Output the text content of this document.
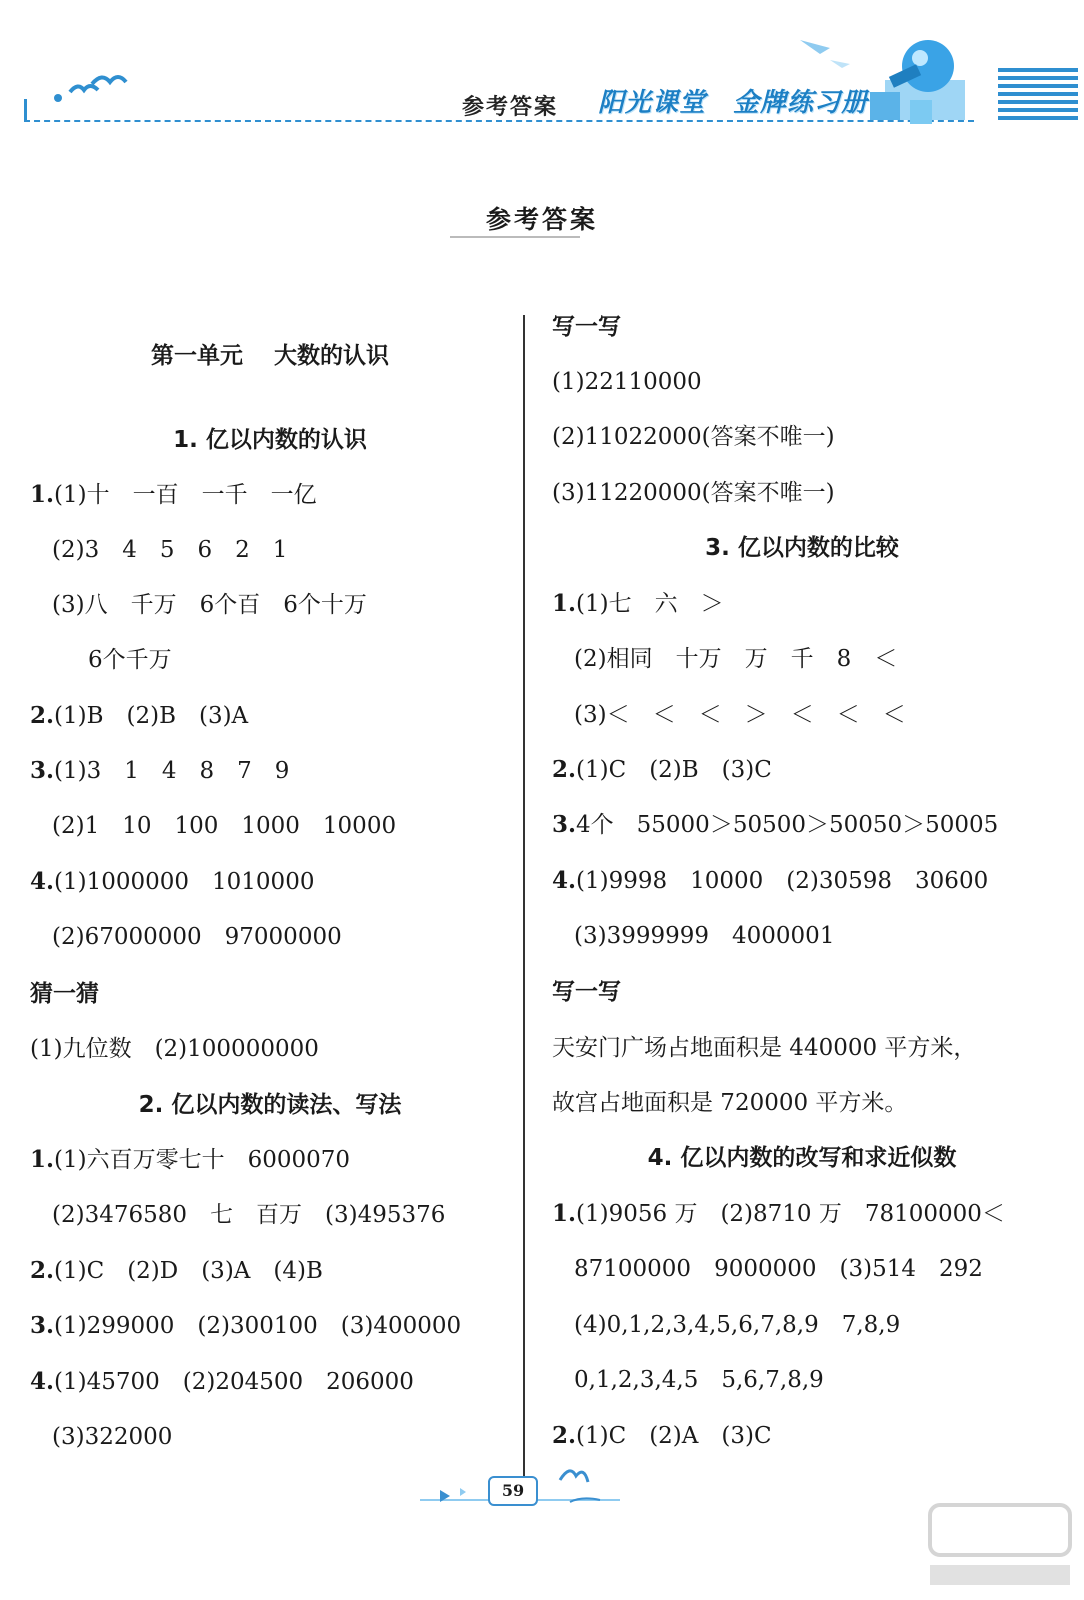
参考答案 阳光课堂　金牌练习册
参考答案
第一单元　 大数的认识
1. 亿以内数的认识
1.(1)十　一百　一千　一亿
(2)3　4　5　6　2　1
(3)八　千万　6个百　6个十万
6个千万
2.(1)B　(2)B　(3)A
3.(1)3　1　4　8　7　9
(2)1　10　100　1000　10000
4.(1)1000000　1010000
(2)67000000　97000000
猜一猜
(1)九位数　(2)100000000
2. 亿以内数的读法、写法
1.(1)六百万零七十　6000070
(2)3476580　七　百万　(3)495376
2.(1)C　(2)D　(3)A　(4)B
3.(1)299000　(2)300100　(3)400000
4.(1)45700　(2)204500　206000
(3)322000
写一写
(1)22110000
(2)11022000(答案不唯一)
(3)11220000(答案不唯一)
3. 亿以内数的比较
1.(1)七　六　＞
(2)相同　十万　万　千　8　＜
(3)＜　＜　＜　＞　＜　＜　＜
2.(1)C　(2)B　(3)C
3.4个　55000＞50500＞50050＞50005
4.(1)9998　10000　(2)30598　30600
(3)3999999　4000001
写一写
天安门广场占地面积是 440000 平方米，
故宫占地面积是 720000 平方米。
4. 亿以内数的改写和求近似数
1.(1)9056 万　(2)8710 万　78100000＜
87100000　9000000　(3)514　292
(4)0,1,2,3,4,5,6,7,8,9　7,8,9
0,1,2,3,4,5　5,6,7,8,9
2.(1)C　(2)A　(3)C
59
